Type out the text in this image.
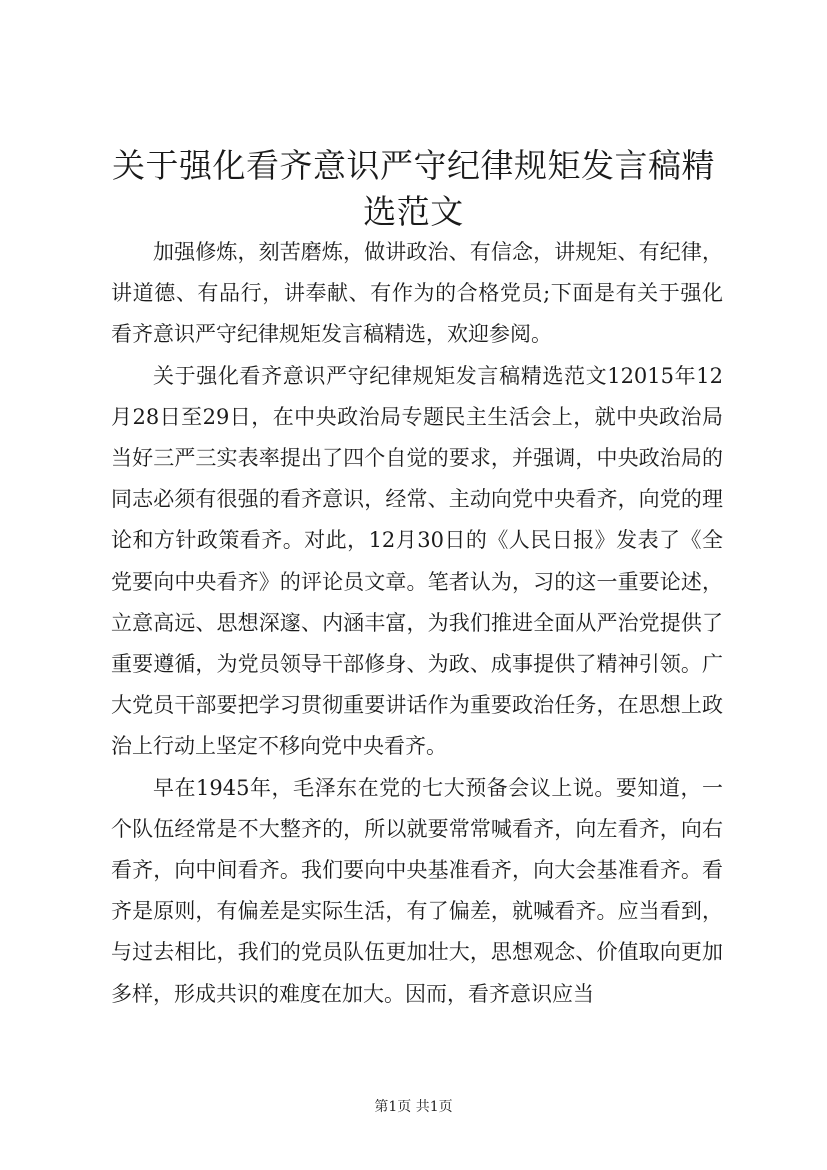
关于强化看齐意识严守纪律规矩发言稿精选范文

加强修炼，刻苦磨炼，做讲政治、有信念，讲规矩、有纪律，讲道德、有品行，讲奉献、有作为的合格党员;下面是有关于强化看齐意识严守纪律规矩发言稿精选，欢迎参阅。

关于强化看齐意识严守纪律规矩发言稿精选范文12015年12月28日至29日，在中央政治局专题民主生活会上，就中央政治局当好三严三实表率提出了四个自觉的要求，并强调，中央政治局的同志必须有很强的看齐意识，经常、主动向党中央看齐，向党的理论和方针政策看齐。对此，12月30日的《人民日报》发表了《全党要向中央看齐》的评论员文章。笔者认为，习的这一重要论述，立意高远、思想深邃、内涵丰富，为我们推进全面从严治党提供了重要遵循，为党员领导干部修身、为政、成事提供了精神引领。广大党员干部要把学习贯彻重要讲话作为重要政治任务，在思想上政治上行动上坚定不移向党中央看齐。

早在1945年，毛泽东在党的七大预备会议上说。要知道，一个队伍经常是不大整齐的，所以就要常常喊看齐，向左看齐，向右看齐，向中间看齐。我们要向中央基准看齐，向大会基准看齐。看齐是原则，有偏差是实际生活，有了偏差，就喊看齐。应当看到，与过去相比，我们的党员队伍更加壮大，思想观念、价值取向更加多样，形成共识的难度在加大。因而，看齐意识应当

第1页 共1页
